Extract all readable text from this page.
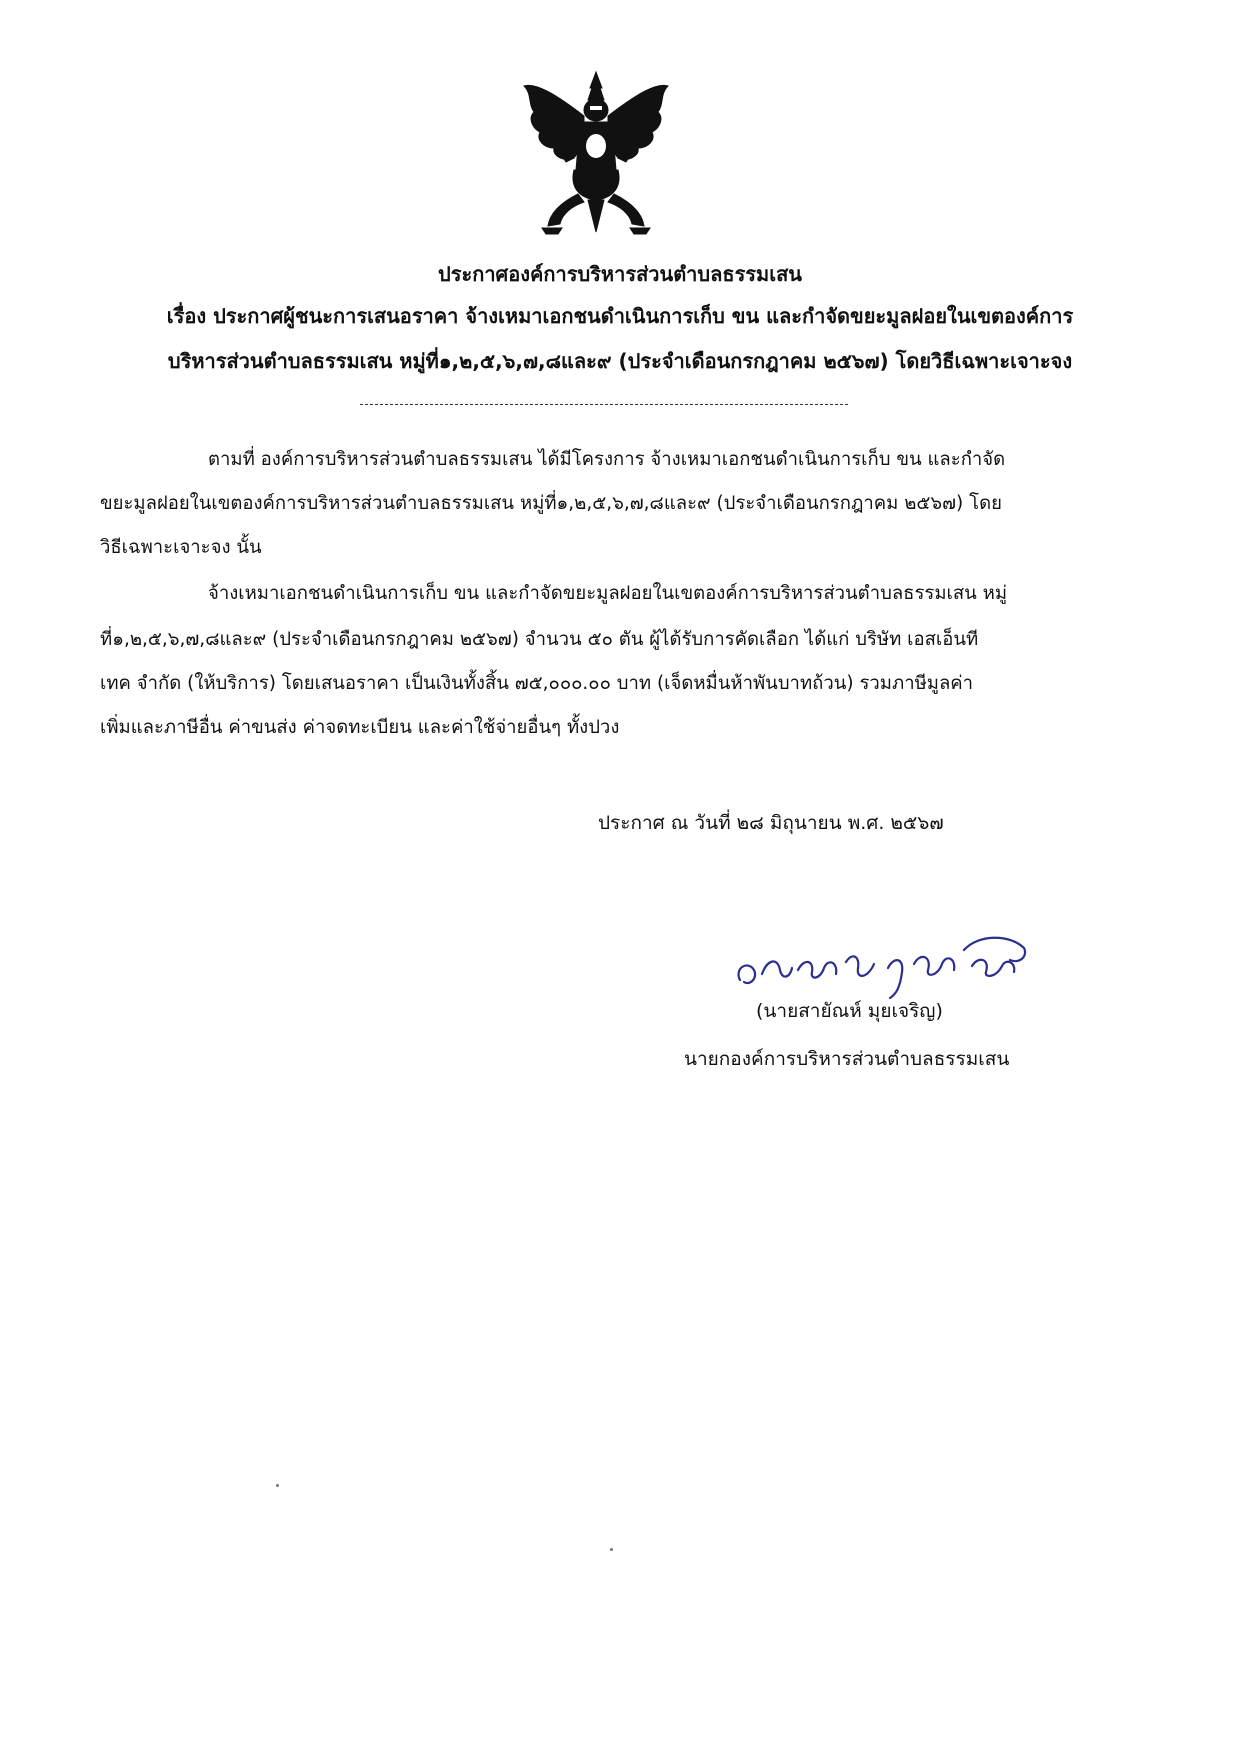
ประกาศองค์การบริหารส่วนตำบลธรรมเสน
เรื่อง ประกาศผู้ชนะการเสนอราคา จ้างเหมาเอกชนดำเนินการเก็บ ขน และกำจัดขยะมูลฝอยในเขตองค์การ
บริหารส่วนตำบลธรรมเสน หมู่ที่๑,๒,๕,๖,๗,๘และ๙ (ประจำเดือนกรกฎาคม ๒๕๖๗) โดยวิธีเฉพาะเจาะจง
ตามที่ องค์การบริหารส่วนตำบลธรรมเสน ได้มีโครงการ จ้างเหมาเอกชนดำเนินการเก็บ ขน และกำจัด
ขยะมูลฝอยในเขตองค์การบริหารส่วนตำบลธรรมเสน หมู่ที่๑,๒,๕,๖,๗,๘และ๙ (ประจำเดือนกรกฎาคม ๒๕๖๗) โดย
วิธีเฉพาะเจาะจง นั้น
จ้างเหมาเอกชนดำเนินการเก็บ ขน และกำจัดขยะมูลฝอยในเขตองค์การบริหารส่วนตำบลธรรมเสน หมู่
ที่๑,๒,๕,๖,๗,๘และ๙ (ประจำเดือนกรกฎาคม ๒๕๖๗) จำนวน ๕๐ ตัน ผู้ได้รับการคัดเลือก ได้แก่ บริษัท เอสเอ็นที
เทค จำกัด (ให้บริการ) โดยเสนอราคา เป็นเงินทั้งสิ้น ๗๕,๐๐๐.๐๐ บาท (เจ็ดหมื่นห้าพันบาทถ้วน) รวมภาษีมูลค่า
เพิ่มและภาษีอื่น ค่าขนส่ง ค่าจดทะเบียน และค่าใช้จ่ายอื่นๆ ทั้งปวง
ประกาศ ณ วันที่ ๒๘ มิถุนายน พ.ศ. ๒๕๖๗
(นายสายัณห์ มุยเจริญ)
นายกองค์การบริหารส่วนตำบลธรรมเสน
